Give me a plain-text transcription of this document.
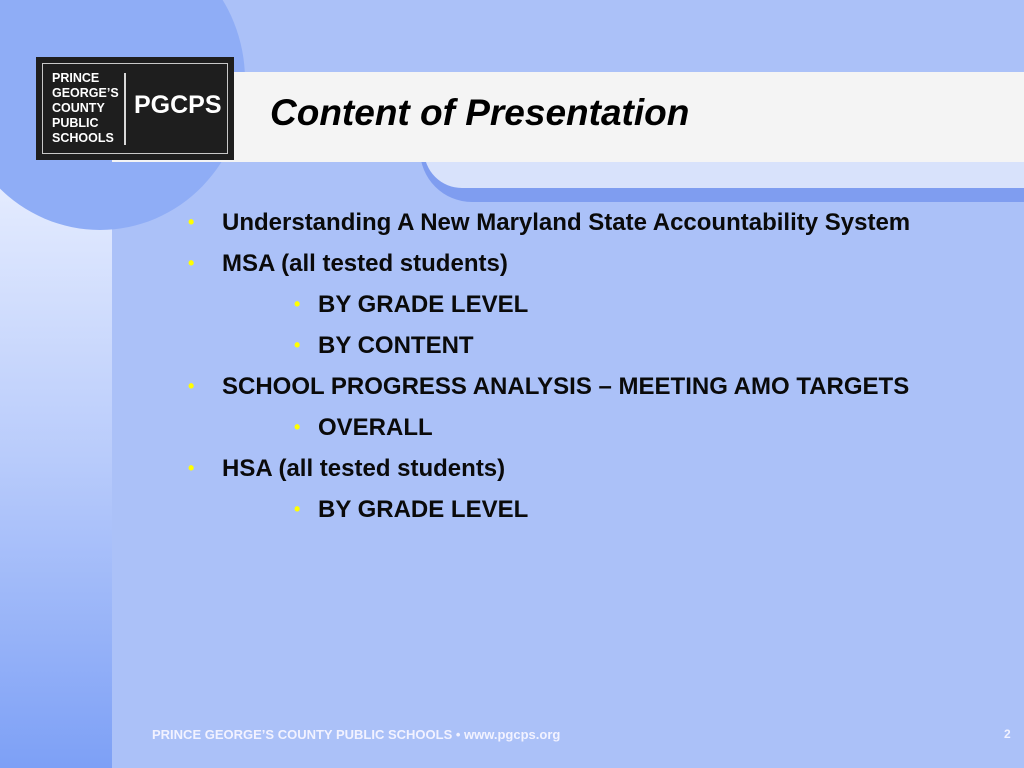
PRINCE
GEORGE’S
COUNTY
PUBLIC
SCHOOLS
PGCPS Content of Presentation
• Understanding A New Maryland State Accountability System
• MSA (all tested students)
• BY GRADE LEVEL
• BY CONTENT
• SCHOOL PROGRESS ANALYSIS – MEETING AMO TARGETS
• OVERALL
• HSA (all tested students)
• BY GRADE LEVEL
PRINCE GEORGE’S COUNTY PUBLIC SCHOOLS • www.pgcps.org	2
